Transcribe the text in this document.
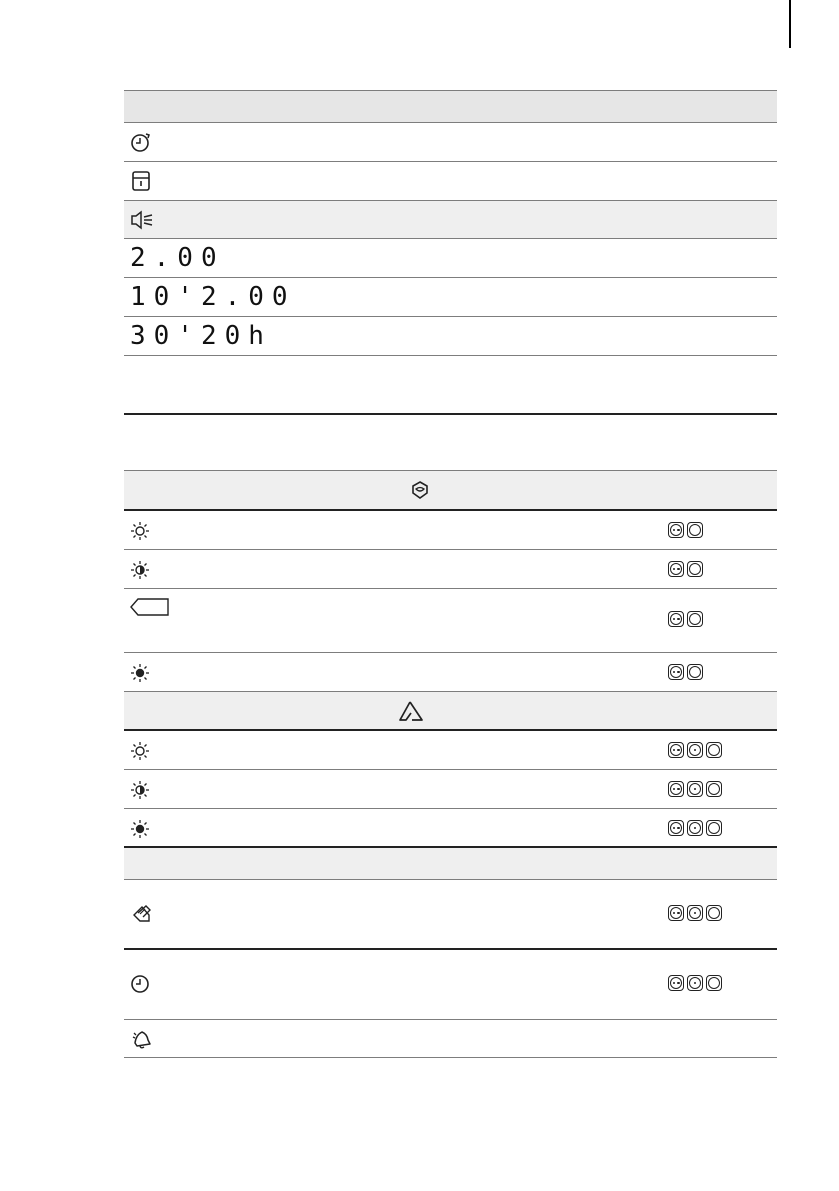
2.00
10'2.00
30'20h
